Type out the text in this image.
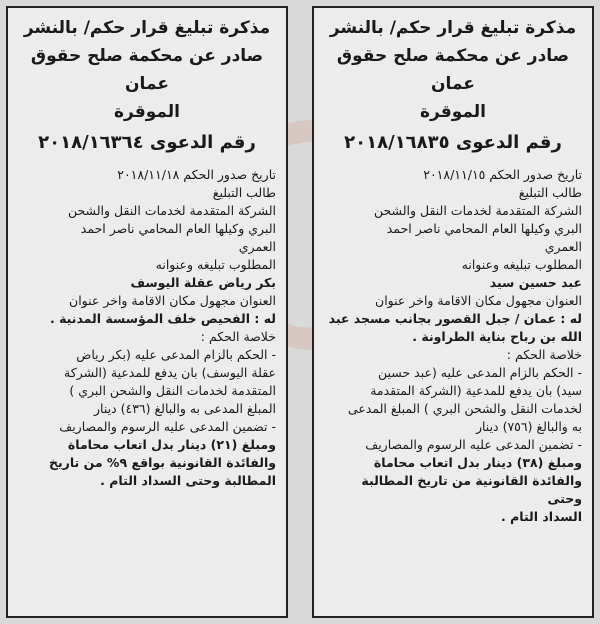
مذكرة تبليغ قرار حكم/ بالنشر
صادر عن محكمة صلح حقوق عمان
الموقرة
رقم الدعوى ٢٠١٨/١٦٨٣٥
تاريخ صدور الحكم ٢٠١٨/١١/١٥
طالب التبليغ
الشركة المتقدمة لخدمات النقل والشحن
البري وكيلها العام المحامي ناصر احمد
العمري
المطلوب تبليغه وعنوانه
عبد حسين سيد
العنوان مجهول مكان الاقامة واخر عنوان
له : عمان / جبل القصور بجانب مسجد عبد
الله بن رباح بناية الطراونة .
خلاصة الحكم :
- الحكم بالزام المدعى عليه (عبد حسين
سيد) بان يدفع للمدعية (الشركة المتقدمة
لخدمات النقل والشحن البري ) المبلغ المدعى
به والبالغ (٧٥٦) دينار
- تضمين المدعى عليه الرسوم والمصاريف
ومبلغ (٣٨) دينار بدل اتعاب محاماة
والفائدة القانونية من تاريخ المطالبة وحتى
السداد التام .
مذكرة تبليغ قرار حكم/ بالنشر
صادر عن محكمة صلح حقوق عمان
الموقرة
رقم الدعوى ٢٠١٨/١٦٣٦٤
تاريخ صدور الحكم ٢٠١٨/١١/١٨
طالب التبليغ
الشركة المتقدمة لخدمات النقل والشحن
البري وكيلها العام المحامي ناصر احمد
العمري
المطلوب تبليغه وعنوانه
بكر رياض عقلة اليوسف
العنوان مجهول مكان الاقامة واخر عنوان
له : الفحيص خلف المؤسسة المدنية .
خلاصة الحكم :
- الحكم بالزام المدعى عليه (بكر رياض
عقلة اليوسف) بان يدفع للمدعية (الشركة
المتقدمة لخدمات النقل والشحن البري )
المبلغ المدعى به والبالغ (٤٣٦) دينار
- تضمين المدعى عليه الرسوم والمصاريف
ومبلغ (٢١) دينار بدل اتعاب محاماة
والفائدة القانونية بواقع ٩% من تاريخ
المطالبة وحتى السداد التام .
